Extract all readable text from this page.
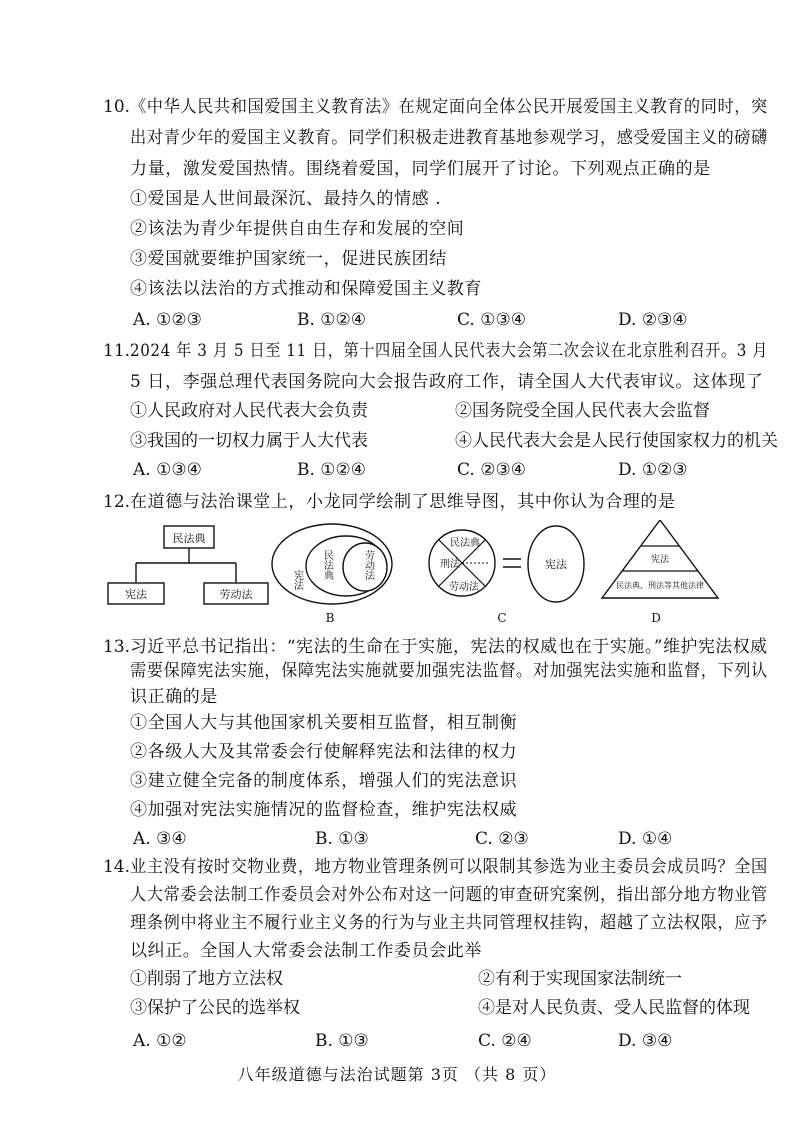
10. 《中华人民共和国爱国主义教育法》在规定面向全体公民开展爱国主义教育的同时，突
出对青少年的爱国主义教育。同学们积极走进教育基地参观学习，感受爱国主义的磅礴
力量，激发爱国热情。围绕着爱国，同学们展开了讨论。下列观点正确的是
①爱国是人世间最深沉、最持久的情感 .
②该法为青少年提供自由生存和发展的空间
③爱国就要维护国家统一，促进民族团结
④该法以法治的方式推动和保障爱国主义教育
A. ①②③	B. ①②④	C. ①③④	D. ②③④
11. 2024 年 3 月 5 日至 11 日，第十四届全国人民代表大会第二次会议在北京胜利召开。3 月
5 日，李强总理代表国务院向大会报告政府工作，请全国人大代表审议。这体现了
①人民政府对人民代表大会负责	②国务院受全国人民代表大会监督
③我国的一切权力属于人大代表	④人民代表大会是人民行使国家权力的机关
A. ①③④	B. ①②④	C. ②③④	D. ①②③
12. 在道德与法治课堂上，小龙同学绘制了思维导图，其中你认为合理的是
民法典
宪法	劳动法
宪法 民法典	劳动法
民法典
刑法
劳动法
宪法	宪法
民法典、刑法等其他法律
B	C	D
13. 习近平总书记指出：“宪法的生命在于实施，宪法的权威也在于实施。”维护宪法权威
需要保障宪法实施，保障宪法实施就要加强宪法监督。对加强宪法实施和监督，下列认
识正确的是
①全国人大与其他国家机关要相互监督，相互制衡
②各级人大及其常委会行使解释宪法和法律的权力
③建立健全完备的制度体系，增强人们的宪法意识
④加强对宪法实施情况的监督检查，维护宪法权威
A. ③④	B. ①③	C. ②③	D. ①④
14. 业主没有按时交物业费，地方物业管理条例可以限制其参选为业主委员会成员吗？全国
人大常委会法制工作委员会对外公布对这一问题的审查研究案例，指出部分地方物业管
理条例中将业主不履行业主义务的行为与业主共同管理权挂钩，超越了立法权限，应予
以纠正。全国人大常委会法制工作委员会此举
①削弱了地方立法权	②有利于实现国家法制统一
③保护了公民的选举权	④是对人民负责、受人民监督的体现
A. ①②	B. ①③	C. ②④	D. ③④
八年级道德与法治试题第 3页 （共 8 页）
